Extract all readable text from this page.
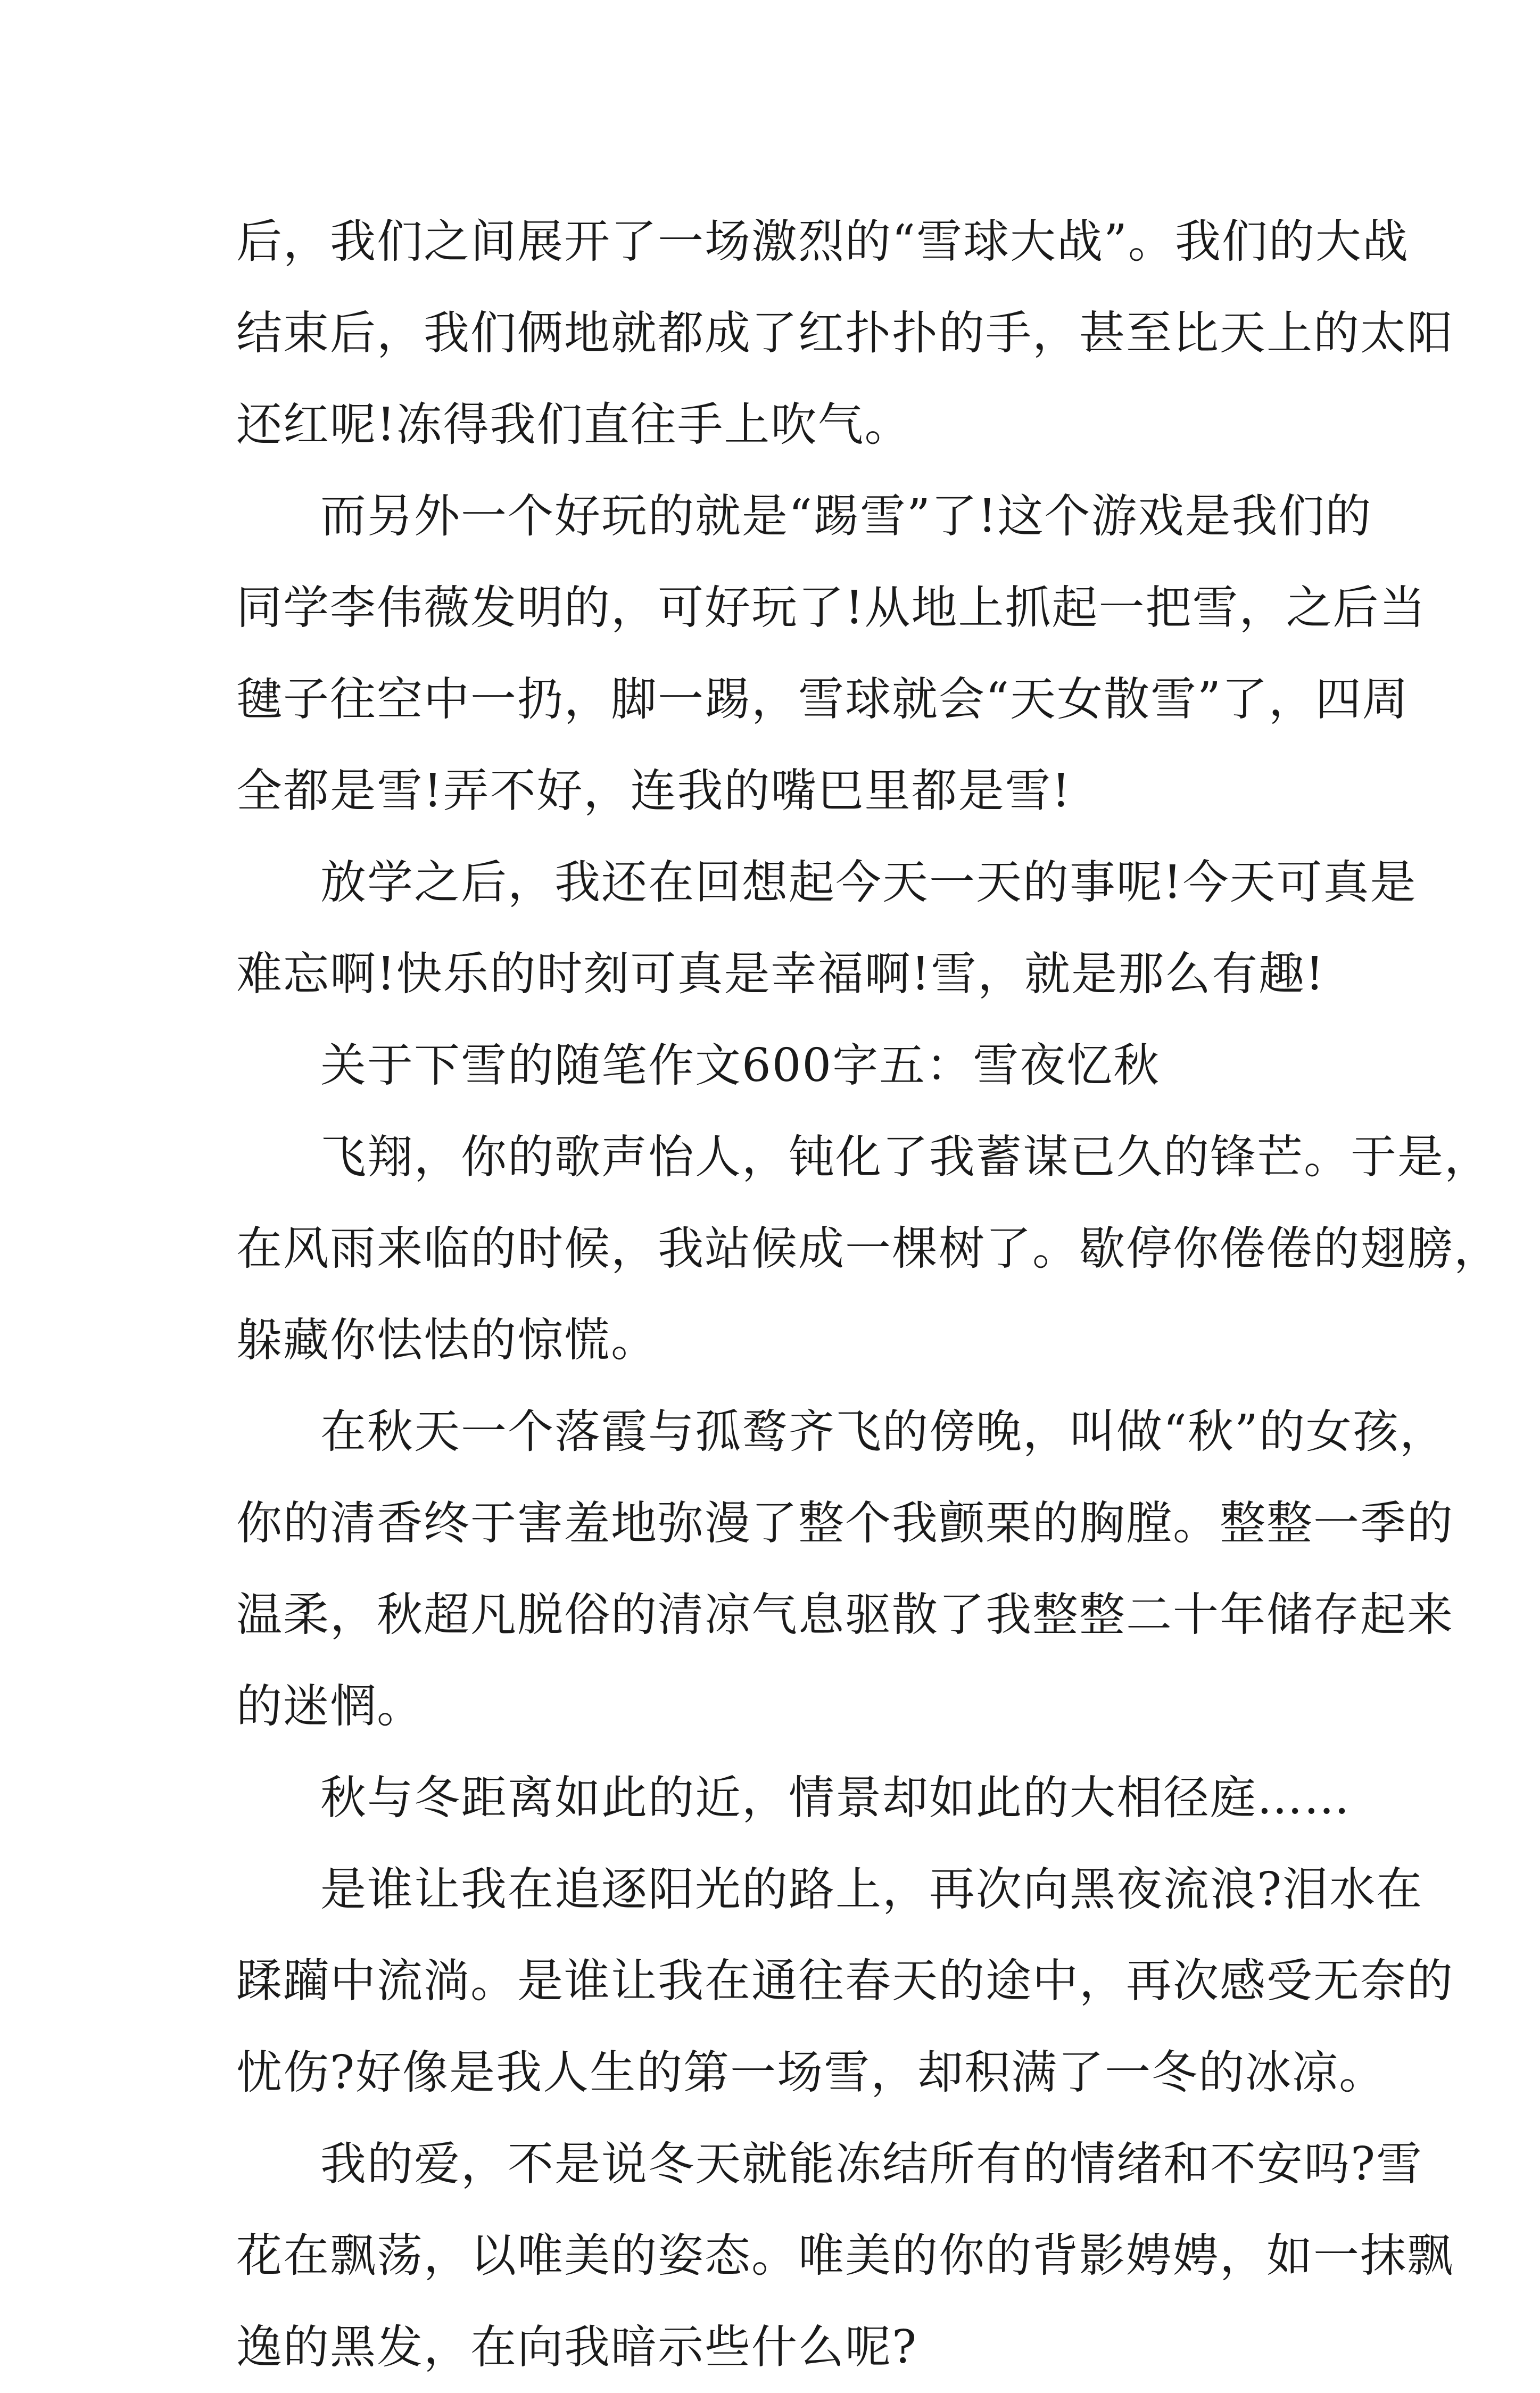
后，我们之间展开了一场激烈的“雪球大战”。我们的大战
结束后，我们俩地就都成了红扑扑的手，甚至比天上的太阳
还红呢!冻得我们直往手上吹气。
而另外一个好玩的就是“踢雪”了!这个游戏是我们的
同学李伟薇发明的，可好玩了!从地上抓起一把雪，之后当
毽子往空中一扔，脚一踢，雪球就会“天女散雪”了，四周
全都是雪!弄不好，连我的嘴巴里都是雪!
放学之后，我还在回想起今天一天的事呢!今天可真是
难忘啊!快乐的时刻可真是幸福啊!雪，就是那么有趣!
关于下雪的随笔作文600字五：雪夜忆秋
飞翔，你的歌声怡人，钝化了我蓄谋已久的锋芒。于是，
在风雨来临的时候，我站候成一棵树了。歇停你倦倦的翅膀，
躲藏你怯怯的惊慌。
在秋天一个落霞与孤鹜齐飞的傍晚，叫做“秋”的女孩，
你的清香终于害羞地弥漫了整个我颤栗的胸膛。整整一季的
温柔，秋超凡脱俗的清凉气息驱散了我整整二十年储存起来
的迷惘。
秋与冬距离如此的近，情景却如此的大相径庭……
是谁让我在追逐阳光的路上，再次向黑夜流浪?泪水在
蹂躏中流淌。是谁让我在通往春天的途中，再次感受无奈的
忧伤?好像是我人生的第一场雪，却积满了一冬的冰凉。
我的爱，不是说冬天就能冻结所有的情绪和不安吗?雪
花在飘荡，以唯美的姿态。唯美的你的背影娉娉，如一抹飘
逸的黑发，在向我暗示些什么呢?
